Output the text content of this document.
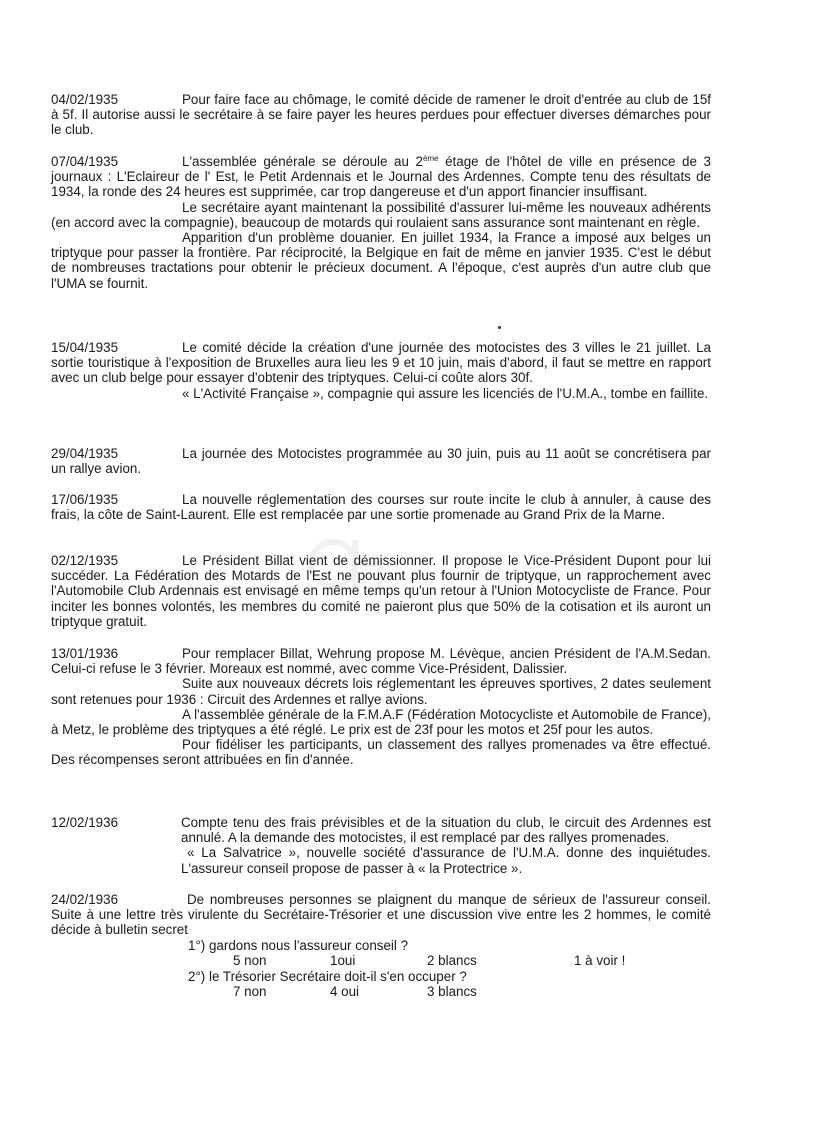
04/02/1935	Pour faire face au chômage, le comité décide de ramener le droit d'entrée au club de 15f à 5f. Il autorise aussi le secrétaire à se faire payer les heures perdues pour effectuer diverses démarches pour le club.

07/04/1935	L'assemblée générale se déroule au 2ème étage de l'hôtel de ville en présence de 3 journaux : L'Eclaireur de l' Est, le Petit Ardennais et le Journal des Ardennes. Compte tenu des résultats de 1934, la ronde des 24 heures est supprimée, car trop dangereuse et d'un apport financier insuffisant.

Le secrétaire ayant maintenant la possibilité d'assurer lui-même les nouveaux adhérents (en accord avec la compagnie), beaucoup de motards qui roulaient sans assurance sont maintenant en règle.

Apparition d'un problème douanier. En juillet 1934, la France a imposé aux belges un triptyque pour passer la frontière. Par réciprocité, la Belgique en fait de même en janvier 1935. C'est le début de nombreuses tractations pour obtenir le précieux document. A l'époque, c'est auprès d'un autre club que l'UMA se fournit.

15/04/1935	Le comité décide la création d'une journée des motocistes des 3 villes le 21 juillet. La sortie touristique à l'exposition de Bruxelles aura lieu les 9 et 10 juin, mais d'abord, il faut se mettre en rapport avec un club belge pour essayer d'obtenir des triptyques. Celui-ci coûte alors 30f.

« L'Activité Française », compagnie qui assure les licenciés de l'U.M.A., tombe en faillite.

29/04/1935	La journée des Motocistes programmée au 30 juin, puis au 11 août se concrétisera par un rallye avion.

17/06/1935	La nouvelle réglementation des courses sur route incite le club à annuler, à cause des frais, la côte de Saint-Laurent. Elle est remplacée par une sortie promenade au Grand Prix de la Marne.

02/12/1935	Le Président Billat vient de démissionner. Il propose le Vice-Président Dupont pour lui succéder. La Fédération des Motards de l'Est ne pouvant plus fournir de triptyque, un rapprochement avec l'Automobile Club Ardennais est envisagé en même temps qu'un retour à l'Union Motocycliste de France. Pour inciter les bonnes volontés, les membres du comité ne paieront plus que 50% de la cotisation et ils auront un triptyque gratuit.

13/01/1936	Pour remplacer Billat, Wehrung propose M. Lévèque, ancien Président de l'A.M.Sedan. Celui-ci refuse le 3 février. Moreaux est nommé, avec comme Vice-Président, Dalissier.

Suite aux nouveaux décrets lois réglementant les épreuves sportives, 2 dates seulement sont retenues pour 1936 : Circuit des Ardennes et rallye avions.

A l'assemblée générale de la F.M.A.F (Fédération Motocycliste et Automobile de France), à Metz, le problème des triptyques a été réglé. Le prix est de 23f pour les motos et 25f pour les autos.

Pour fidéliser les participants, un classement des rallyes promenades va être effectué. Des récompenses seront attribuées en fin d'année.

12/02/1936	Compte tenu des frais prévisibles et de la situation du club, le circuit des Ardennes est annulé. A la demande des motocistes, il est remplacé par des rallyes promenades.

« La Salvatrice », nouvelle société d'assurance de l'U.M.A. donne des inquiétudes. L'assureur conseil propose de passer à « la Protectrice ».

24/02/1936	De nombreuses personnes se plaignent du manque de sérieux de l'assureur conseil. Suite à une lettre très virulente du Secrétaire-Trésorier et une discussion vive entre les 2 hommes, le comité décide à bulletin secret

1°) gardons nous l'assureur conseil ?
5 non	1oui	2 blancs	1 à voir !
2°) le Trésorier Secrétaire doit-il s'en occuper ?
7 non	4 oui	3 blancs
